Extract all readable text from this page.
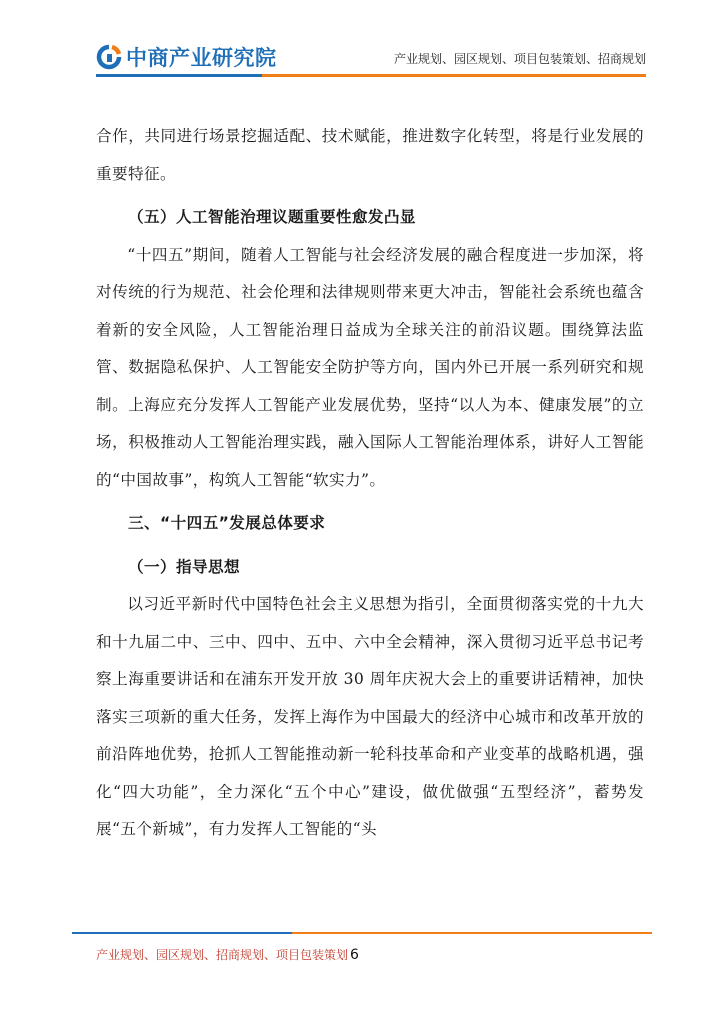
中商产业研究院	产业规划、园区规划、项目包装策划、招商规划

合作，共同进行场景挖掘适配、技术赋能，推进数字化转型，将是行业发展的重要特征。

（五）人工智能治理议题重要性愈发凸显

“十四五”期间，随着人工智能与社会经济发展的融合程度进一步加深，将对传统的行为规范、社会伦理和法律规则带来更大冲击，智能社会系统也蕴含着新的安全风险，人工智能治理日益成为全球关注的前沿议题。围绕算法监管、数据隐私保护、人工智能安全防护等方向，国内外已开展一系列研究和规制。上海应充分发挥人工智能产业发展优势，坚持“以人为本、健康发展”的立场，积极推动人工智能治理实践，融入国际人工智能治理体系，讲好人工智能的“中国故事”，构筑人工智能“软实力”。

三、“十四五”发展总体要求

（一）指导思想

以习近平新时代中国特色社会主义思想为指引，全面贯彻落实党的十九大和十九届二中、三中、四中、五中、六中全会精神，深入贯彻习近平总书记考察上海重要讲话和在浦东开发开放 30 周年庆祝大会上的重要讲话精神，加快落实三项新的重大任务，发挥上海作为中国最大的经济中心城市和改革开放的前沿阵地优势，抢抓人工智能推动新一轮科技革命和产业变革的战略机遇，强化“四大功能”，全力深化“五个中心”建设，做优做强“五型经济”，蓄势发展“五个新城”，有力发挥人工智能的“头

产业规划、园区规划、招商规划、项目包装策划 6
